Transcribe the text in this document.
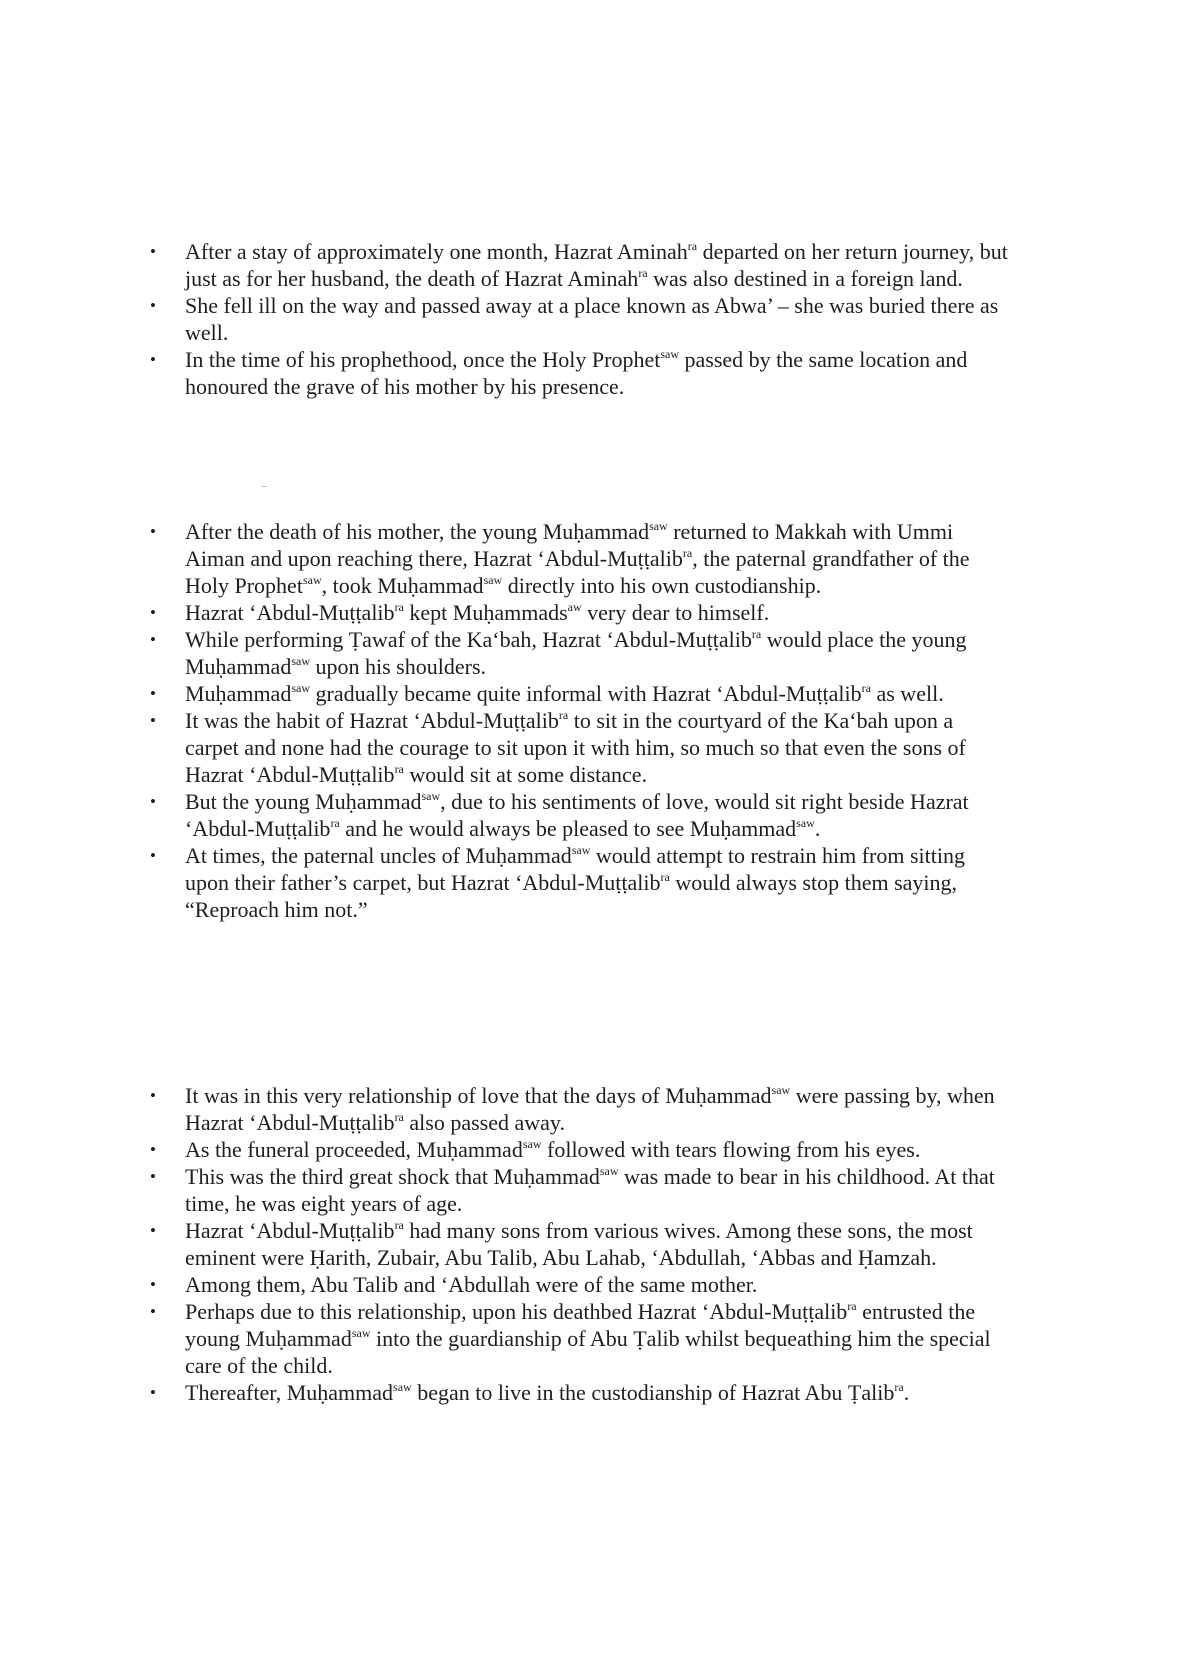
• After a stay of approximately one month, Hazrat Aminah$^{ra}$ departed on her return journey, but just as for her husband, the death of Hazrat Aminah$^{ra}$ was also destined in a foreign land.
• She fell ill on the way and passed away at a place known as Abwa’ – she was buried there as well.
• In the time of his prophethood, once the Holy Prophet$^{saw}$ passed by the same location and honoured the grave of his mother by his presence.
• After the death of his mother, the young Muḥammad$^{saw}$ returned to Makkah with Ummi Aiman and upon reaching there, Hazrat ‘Abdul-Muṭṭalib$^{ra}$, the paternal grandfather of the Holy Prophet$^{saw}$, took Muḥammad$^{saw}$ directly into his own custodianship.
• Hazrat ‘Abdul-Muṭṭalib$^{ra}$ kept Muḥammads$^{aw}$ very dear to himself.
• While performing Ṭawaf of the Ka‘bah, Hazrat ‘Abdul-Muṭṭalib$^{ra}$ would place the young Muḥammad$^{saw}$ upon his shoulders.
• Muḥammad$^{saw}$ gradually became quite informal with Hazrat ‘Abdul-Muṭṭalib$^{ra}$ as well.
• It was the habit of Hazrat ‘Abdul-Muṭṭalib$^{ra}$ to sit in the courtyard of the Ka‘bah upon a carpet and none had the courage to sit upon it with him, so much so that even the sons of Hazrat ‘Abdul-Muṭṭalib$^{ra}$ would sit at some distance.
• But the young Muḥammad$^{saw}$, due to his sentiments of love, would sit right beside Hazrat ‘Abdul-Muṭṭalib$^{ra}$ and he would always be pleased to see Muḥammad$^{saw}$.
• At times, the paternal uncles of Muḥammad$^{saw}$ would attempt to restrain him from sitting upon their father’s carpet, but Hazrat ‘Abdul-Muṭṭalib$^{ra}$ would always stop them saying, “Reproach him not.”
• It was in this very relationship of love that the days of Muḥammad$^{saw}$ were passing by, when Hazrat ‘Abdul-Muṭṭalib$^{ra}$ also passed away.
• As the funeral proceeded, Muḥammad$^{saw}$ followed with tears flowing from his eyes.
• This was the third great shock that Muḥammad$^{saw}$ was made to bear in his childhood. At that time, he was eight years of age.
• Hazrat ‘Abdul-Muṭṭalib$^{ra}$ had many sons from various wives. Among these sons, the most eminent were Ḥarith, Zubair, Abu Talib, Abu Lahab, ‘Abdullah, ‘Abbas and Ḥamzah.
• Among them, Abu Talib and ‘Abdullah were of the same mother.
• Perhaps due to this relationship, upon his deathbed Hazrat ‘Abdul-Muṭṭalib$^{ra}$ entrusted the young Muḥammad$^{saw}$ into the guardianship of Abu Ṭalib whilst bequeathing him the special care of the child.
• Thereafter, Muḥammad$^{saw}$ began to live in the custodianship of Hazrat Abu Ṭalib$^{ra}$.
